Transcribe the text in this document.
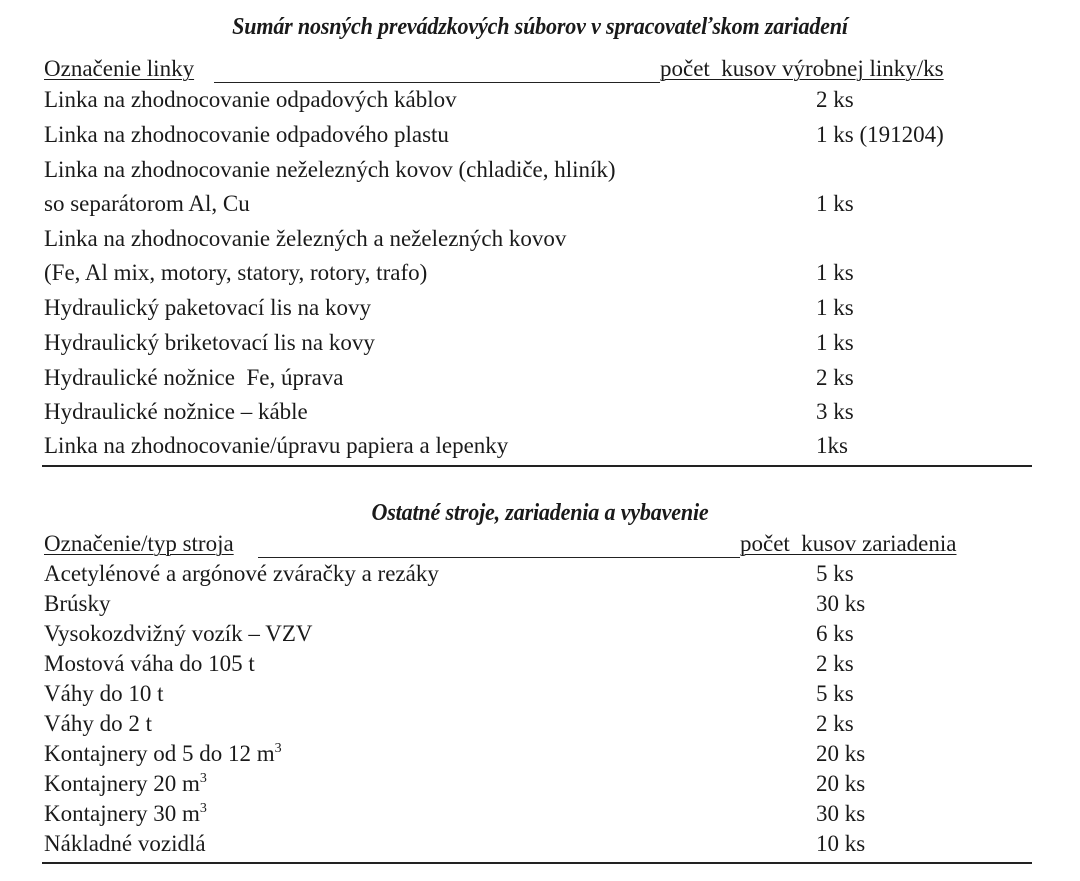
Sumár nosných prevádzkových súborov v spracovateľskom zariadení
Označenie linky	počet  kusov výrobnej linky/ks
Linka na zhodnocovanie odpadových káblov	2 ks
Linka na zhodnocovanie odpadového plastu	1 ks (191204)
Linka na zhodnocovanie neželezných kovov (chladiče, hliník)
so separátorom Al, Cu	1 ks
Linka na zhodnocovanie železných a neželezných kovov
(Fe, Al mix, motory, statory, rotory, trafo)	1 ks
Hydraulický paketovací lis na kovy	1 ks
Hydraulický briketovací lis na kovy	1 ks
Hydraulické nožnice  Fe, úprava	2 ks
Hydraulické nožnice – káble	3 ks
Linka na zhodnocovanie/úpravu papiera a lepenky	1ks
Ostatné stroje, zariadenia a vybavenie
Označenie/typ stroja	počet  kusov zariadenia
Acetylénové a argónové zváračky a rezáky	5 ks
Brúsky	30 ks
Vysokozdvižný vozík – VZV	6 ks
Mostová váha do 105 t	2 ks
Váhy do 10 t	5 ks
Váhy do 2 t	2 ks
Kontajnery od 5 do 12 $m^3$	20 ks
Kontajnery 20 $m^3$	20 ks
Kontajnery 30 $m^3$	30 ks
Nákladné vozidlá	10 ks
